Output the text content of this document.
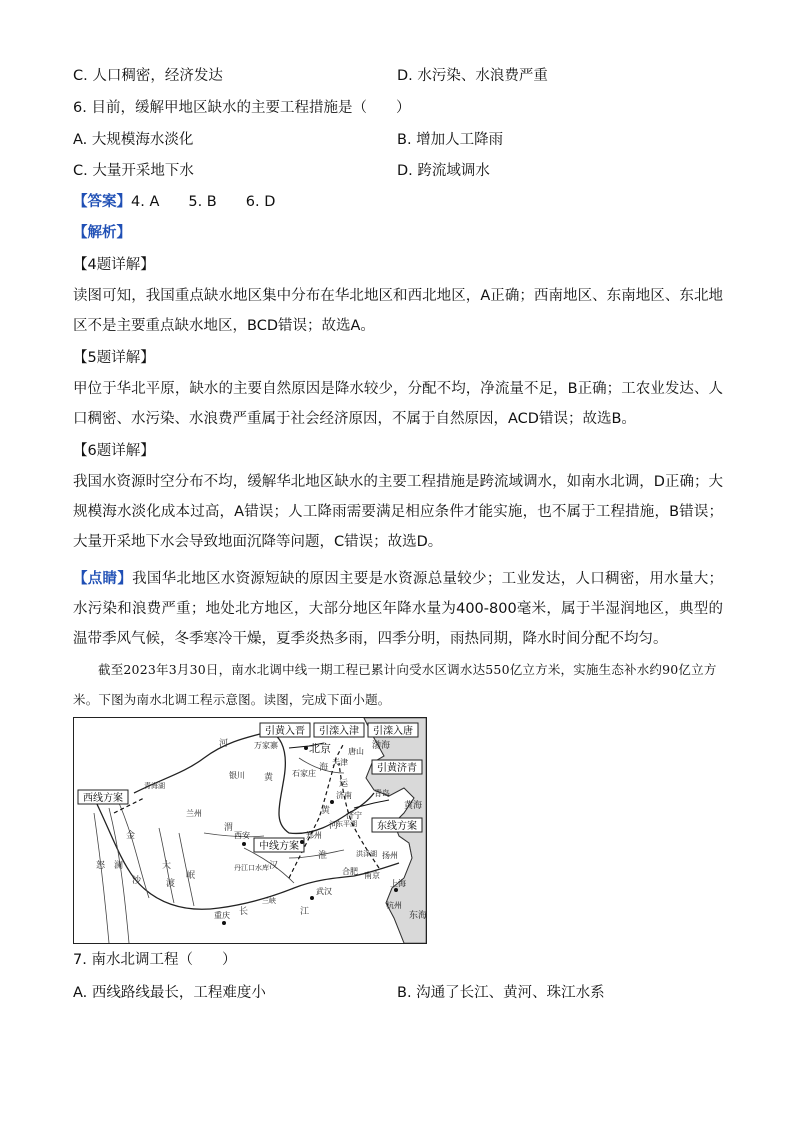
C. 人口稠密，经济发达	D. 水污染、水浪费严重
6. 目前，缓解甲地区缺水的主要工程措施是（　　）
A. 大规模海水淡化	B. 增加人工降雨
C. 大量开采地下水	D. 跨流域调水
【答案】4. A　　5. B　　6. D
【解析】
【4题详解】
读图可知，我国重点缺水地区集中分布在华北地区和西北地区，A正确；西南地区、东南地区、东北地区不是主要重点缺水地区，BCD错误；故选A。
【5题详解】
甲位于华北平原，缺水的主要自然原因是降水较少，分配不均，净流量不足，B正确；工农业发达、人口稠密、水污染、水浪费严重属于社会经济原因，不属于自然原因，ACD错误；故选B。
【6题详解】
我国水资源时空分布不均，缓解华北地区缺水的主要工程措施是跨流域调水，如南水北调，D正确；大规模海水淡化成本过高，A错误；人工降雨需要满足相应条件才能实施，也不属于工程措施，B错误；大量开采地下水会导致地面沉降等问题，C错误；故选D。
【点睛】我国华北地区水资源短缺的原因主要是水资源总量较少；工业发达，人口稠密，用水量大；水污染和浪费严重；地处北方地区，大部分地区年降水量为400-800毫米，属于半湿润地区，典型的温带季风气候，冬季寒冷干燥，夏季炎热多雨，四季分明，雨热同期，降水时间分配不均匀。
截至2023年3月30日，南水北调中线一期工程已累计向受水区调水达550亿立方米，实施生态补水约90亿立方米。下图为南水北调工程示意图。读图，完成下面小题。
引黄入晋 引滦入津 引滦入唐
引黄济青
西线方案
东线方案
中线方案
北京
天津
唐山
万家寨
银川	石家庄
兰州
济南	青岛
济宁
西安	郑州
合肥
扬州
南京
上海
武汉
杭州
重庆
青海湖
丹江口水库
三峡
洪泽湖
东平湖
渤海
黄海
东海
黄
河
黄
河
长	江
金
沙
澜
怒	大
渡
岷
汉
渭
淮
运
海
7. 南水北调工程（　　）
A. 西线路线最长，工程难度小	B. 沟通了长江、黄河、珠江水系
